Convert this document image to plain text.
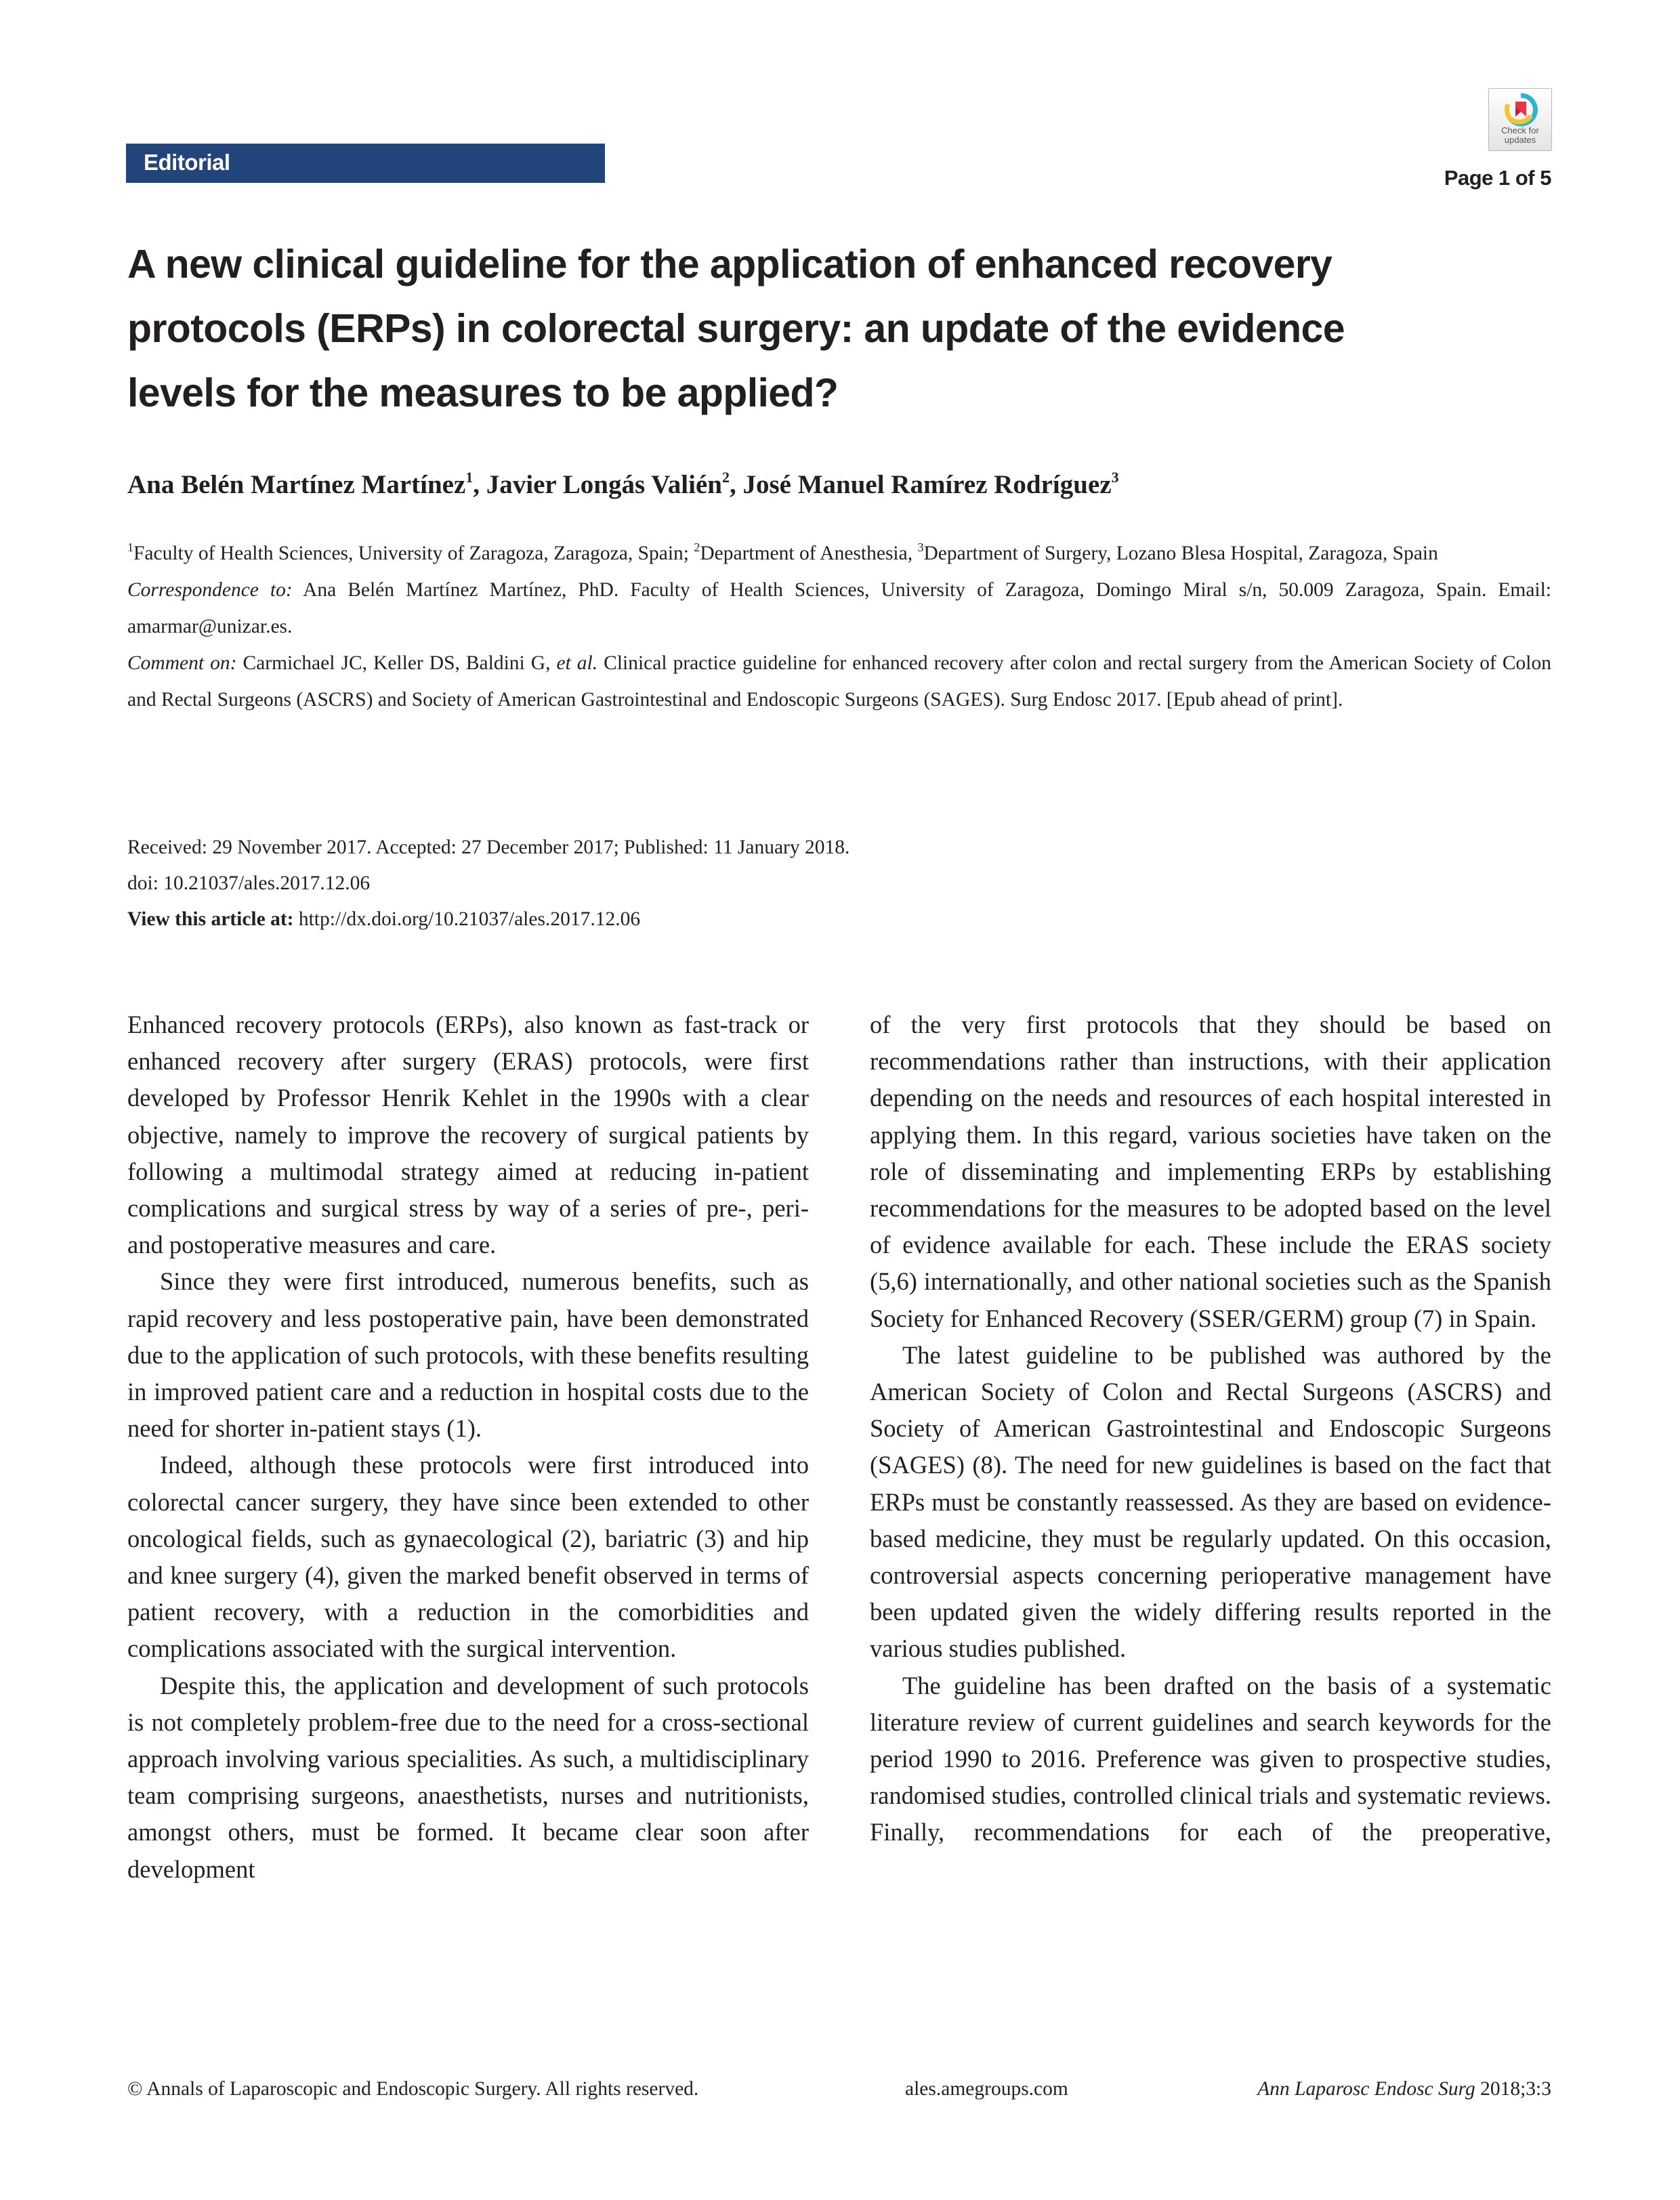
Editorial
Check for
updates
Page 1 of 5
A new clinical guideline for the application of enhanced recovery
protocols (ERPs) in colorectal surgery: an update of the evidence
levels for the measures to be applied?
Ana Belén Martínez Martínez$^1$, Javier Longás Valién$^2$, José Manuel Ramírez Rodríguez$^3$

$^1$Faculty of Health Sciences, University of Zaragoza, Zaragoza, Spain; $^2$Department of Anesthesia, $^3$Department of Surgery, Lozano Blesa Hospital, Zaragoza, Spain

Correspondence to: Ana Belén Martínez Martínez, PhD. Faculty of Health Sciences, University of Zaragoza, Domingo Miral s/n, 50.009 Zaragoza, Spain. Email: amarmar@unizar.es.

Comment on: Carmichael JC, Keller DS, Baldini G, et al. Clinical practice guideline for enhanced recovery after colon and rectal surgery from the American Society of Colon and Rectal Surgeons (ASCRS) and Society of American Gastrointestinal and Endoscopic Surgeons (SAGES). Surg Endosc 2017. [Epub ahead of print].

Received: 29 November 2017. Accepted: 27 December 2017; Published: 11 January 2018.
doi: 10.21037/ales.2017.12.06
View this article at: http://dx.doi.org/10.21037/ales.2017.12.06

Enhanced recovery protocols (ERPs), also known as fast-track or enhanced recovery after surgery (ERAS) protocols, were first developed by Professor Henrik Kehlet in the 1990s with a clear objective, namely to improve the recovery of surgical patients by following a multimodal strategy aimed at reducing in-patient complications and surgical stress by way of a series of pre-, peri- and postoperative measures and care.

Since they were first introduced, numerous benefits, such as rapid recovery and less postoperative pain, have been demonstrated due to the application of such protocols, with these benefits resulting in improved patient care and a reduction in hospital costs due to the need for shorter in-patient stays (1).

Indeed, although these protocols were first introduced into colorectal cancer surgery, they have since been extended to other oncological fields, such as gynaecological (2), bariatric (3) and hip and knee surgery (4), given the marked benefit observed in terms of patient recovery, with a reduction in the comorbidities and complications associated with the surgical intervention.

Despite this, the application and development of such protocols is not completely problem-free due to the need for a cross-sectional approach involving various specialities. As such, a multidisciplinary team comprising surgeons, anaesthetists, nurses and nutritionists, amongst others, must be formed. It became clear soon after development

of the very first protocols that they should be based on recommendations rather than instructions, with their application depending on the needs and resources of each hospital interested in applying them. In this regard, various societies have taken on the role of disseminating and implementing ERPs by establishing recommendations for the measures to be adopted based on the level of evidence available for each. These include the ERAS society (5,6) internationally, and other national societies such as the Spanish Society for Enhanced Recovery (SSER/GERM) group (7) in Spain.

The latest guideline to be published was authored by the American Society of Colon and Rectal Surgeons (ASCRS) and Society of American Gastrointestinal and Endoscopic Surgeons (SAGES) (8). The need for new guidelines is based on the fact that ERPs must be constantly reassessed. As they are based on evidence-based medicine, they must be regularly updated. On this occasion, controversial aspects concerning perioperative management have been updated given the widely differing results reported in the various studies published.

The guideline has been drafted on the basis of a systematic literature review of current guidelines and search keywords for the period 1990 to 2016. Preference was given to prospective studies, randomised studies, controlled clinical trials and systematic reviews. Finally, recommendations for each of the preoperative,

© Annals of Laparoscopic and Endoscopic Surgery. All rights reserved.	ales.amegroups.com	Ann Laparosc Endosc Surg 2018;3:3
